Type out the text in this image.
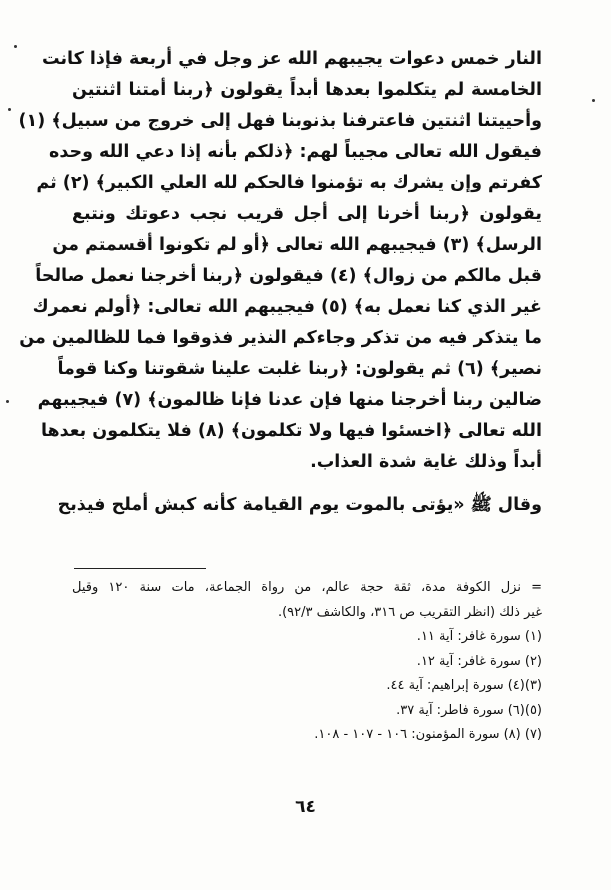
النار خمس دعوات يجيبهم الله عز وجل في أربعة فإذا كانت
الخامسة لم يتكلموا بعدها أبداً يقولون ﴿ربنا أمتنا اثنتين
وأحييتنا اثنتين فاعترفنا بذنوبنا فهل إلى خروج من سبيل﴾ (١)
فيقول الله تعالى مجيباً لهم: ﴿ذلكم بأنه إذا دعي الله وحده
كفرتم وإن يشرك به تؤمنوا فالحكم لله العلي الكبير﴾ (٢) ثم
يقولون ﴿ربنا أخرنا إلى أجل قريب نجب دعوتك ونتبع
الرسل﴾ (٣) فيجيبهم الله تعالى ﴿أو لم تكونوا أقسمتم من
قبل مالكم من زوال﴾ (٤) فيقولون ﴿ربنا أخرجنا نعمل صالحاً
غير الذي كنا نعمل به﴾ (٥) فيجيبهم الله تعالى: ﴿أولم نعمرك
ما يتذكر فيه من تذكر وجاءكم النذير فذوقوا فما للظالمين من
نصير﴾ (٦) ثم يقولون: ﴿ربنا غلبت علينا شقوتنا وكنا قوماً
ضالين ربنا أخرجنا منها فإن عدنا فإنا ظالمون﴾ (٧) فيجيبهم
الله تعالى ﴿اخسئوا فيها ولا تكلمون﴾ (٨) فلا يتكلمون بعدها
أبداً وذلك غاية شدة العذاب.
وقال ﷺ «يؤتى بالموت يوم القيامة كأنه كبش أملح فيذبح
= نزل الكوفة مدة، ثقة حجة عالم، من رواة الجماعة، مات سنة ١٢٠ وقيل
غير ذلك (انظر التقريب ص ٣١٦، والكاشف ٩٢/٣).
(١) سورة غافر: آية ١١.
(٢) سورة غافر: آية ١٢.
(٣)(٤) سورة إبراهيم: آية ٤٤.
(٥)(٦) سورة فاطر: آية ٣٧.
(٧) (٨) سورة المؤمنون: ١٠٦ - ١٠٧ - ١٠٨.
٦٤
